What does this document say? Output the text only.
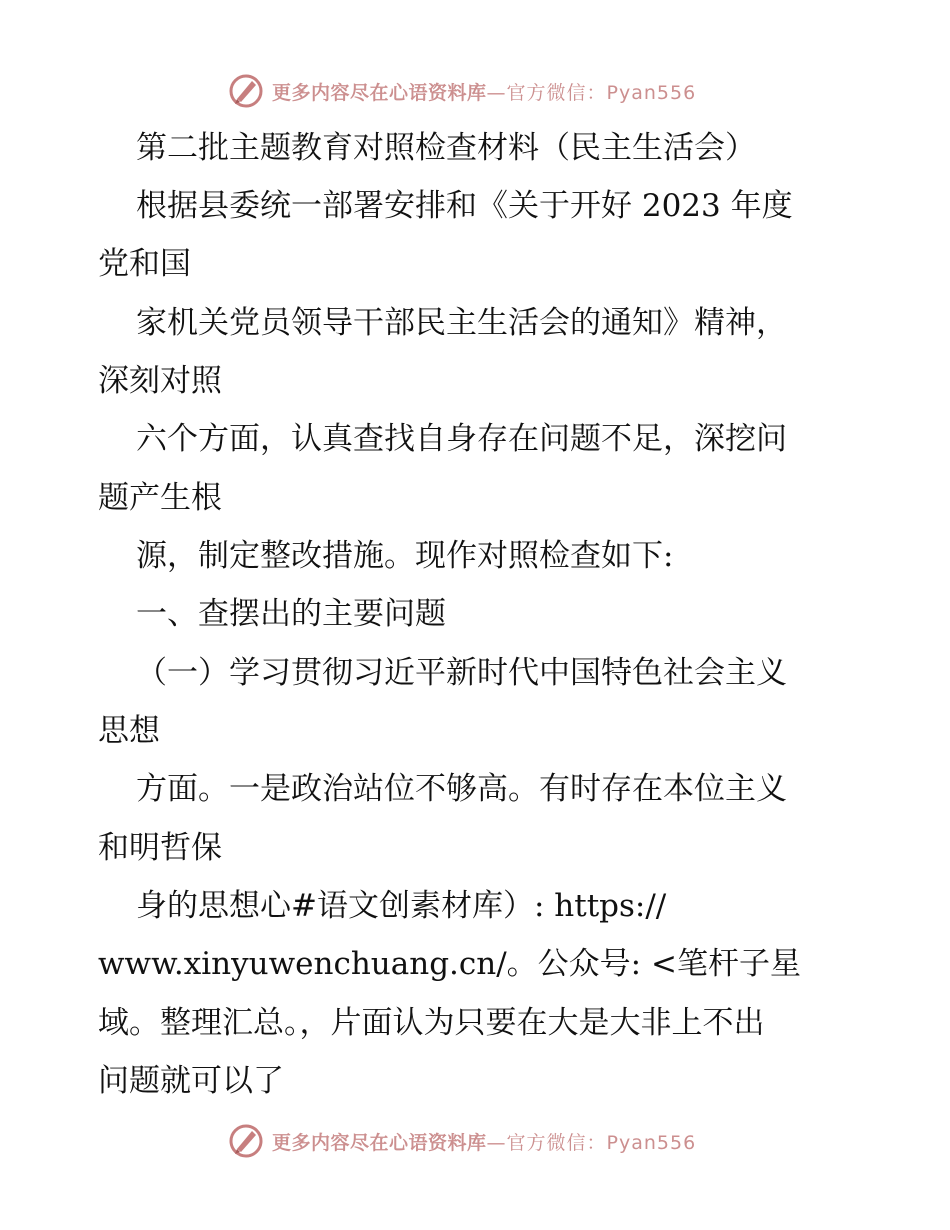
更多内容尽在心语资料库 —官方微信：Pyan556
第二批主题教育对照检查材料（民主生活会）
根据县委统一部署安排和《关于开好 2023 年度
党和国
家机关党员领导干部民主生活会的通知》精神，
深刻对照
六个方面，认真查找自身存在问题不足，深挖问
题产生根
源，制定整改措施。现作对照检查如下:
一、查摆出的主要问题
（一）学习贯彻习近平新时代中国特色社会主义
思想
方面。一是政治站位不够高。有时存在本位主义
和明哲保
身的思想心#语文创素材库）: https://
www.xinyuwenchuang.cn/。公众号: <笔杆子星
域。整理汇总。，片面认为只要在大是大非上不出
问题就可以了
更多内容尽在心语资料库 —官方微信：Pyan556
